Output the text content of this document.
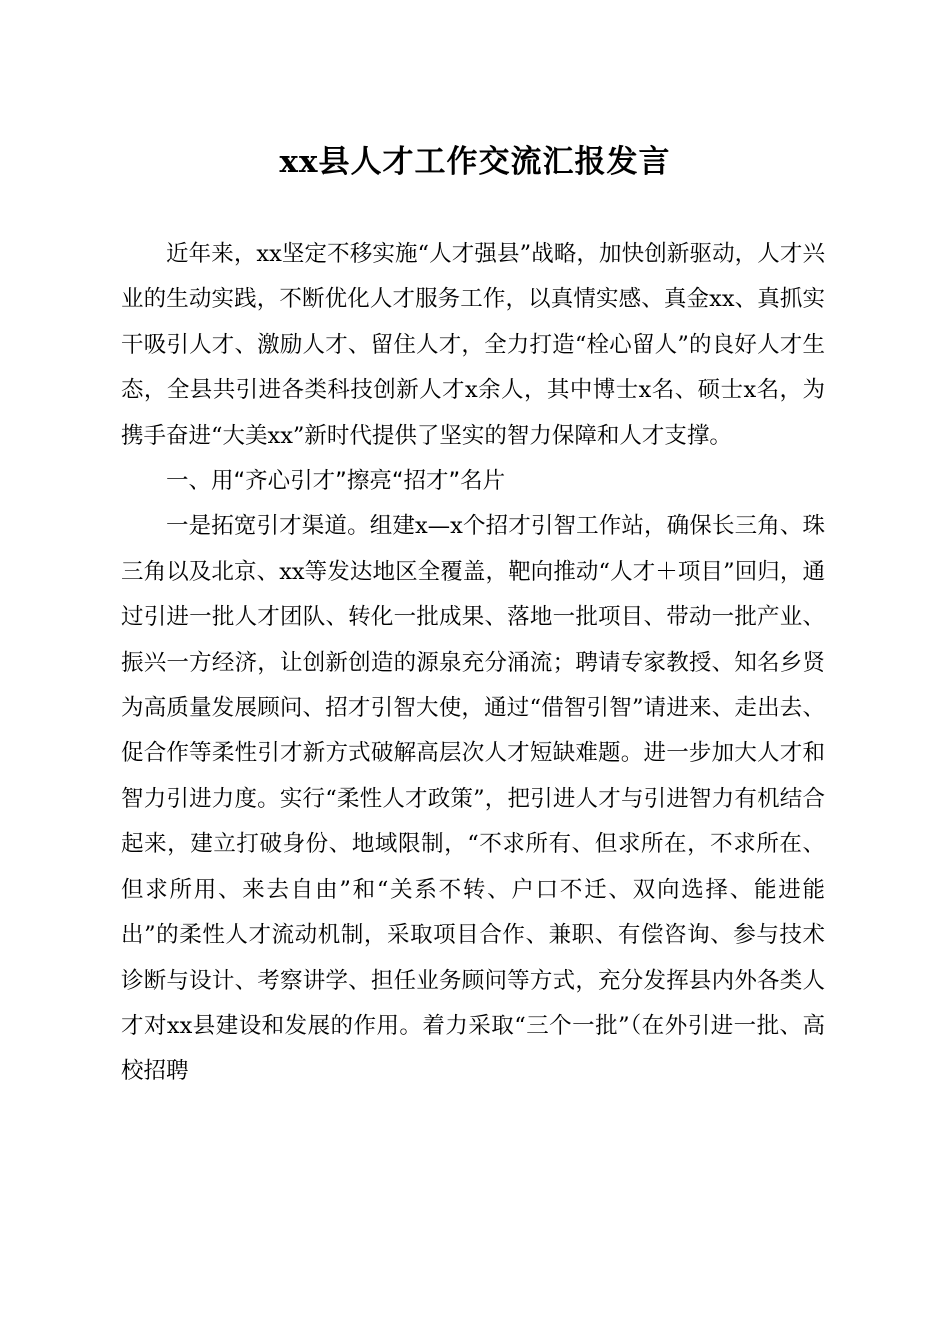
xx县人才工作交流汇报发言

近年来，xx坚定不移实施“人才强县”战略，加快创新驱动，人才兴业的生动实践，不断优化人才服务工作，以真情实感、真金xx、真抓实干吸引人才、激励人才、留住人才，全力打造“栓心留人”的良好人才生态，全县共引进各类科技创新人才x余人，其中博士x名、硕士x名，为携手奋进“大美xx”新时代提供了坚实的智力保障和人才支撑。

一、用“齐心引才”擦亮“招才”名片

一是拓宽引才渠道。组建x—x个招才引智工作站，确保长三角、珠三角以及北京、xx等发达地区全覆盖，靶向推动“人才＋项目”回归，通过引进一批人才团队、转化一批成果、落地一批项目、带动一批产业、振兴一方经济，让创新创造的源泉充分涌流；聘请专家教授、知名乡贤为高质量发展顾问、招才引智大使，通过“借智引智”请进来、走出去、促合作等柔性引才新方式破解高层次人才短缺难题。进一步加大人才和智力引进力度。实行“柔性人才政策”，把引进人才与引进智力有机结合起来，建立打破身份、地域限制，“不求所有、但求所在，不求所在、但求所用、来去自由”和“关系不转、户口不迁、双向选择、能进能出”的柔性人才流动机制，采取项目合作、兼职、有偿咨询、参与技术诊断与设计、考察讲学、担任业务顾问等方式，充分发挥县内外各类人才对xx县建设和发展的作用。着力采取“三个一批”（在外引进一批、高校招聘
